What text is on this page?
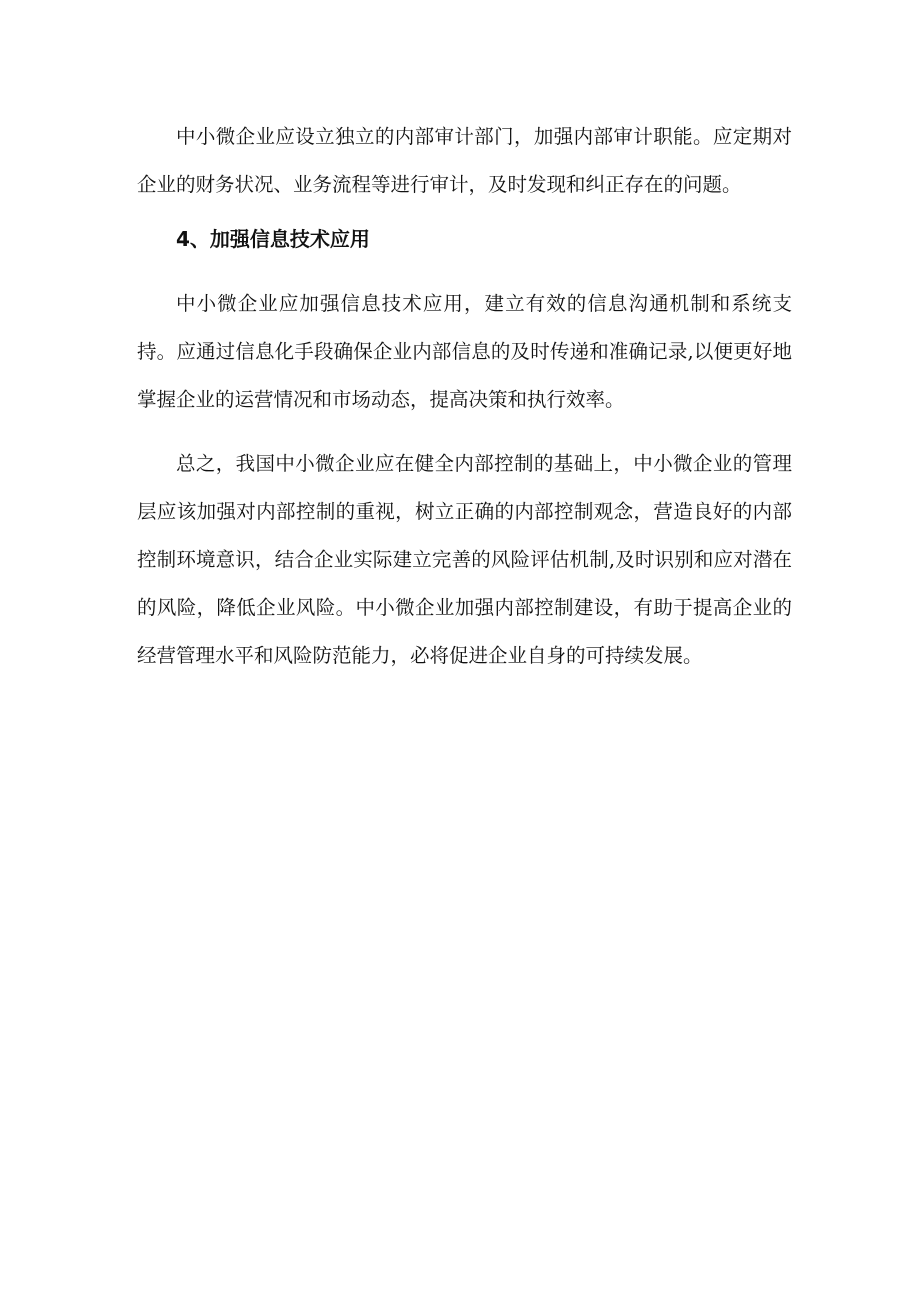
中小微企业应设立独立的内部审计部门，加强内部审计职能。应定期对企业的财务状况、业务流程等进行审计，及时发现和纠正存在的问题。

4、加强信息技术应用

中小微企业应加强信息技术应用，建立有效的信息沟通机制和系统支持。应通过信息化手段确保企业内部信息的及时传递和准确记录,以便更好地掌握企业的运营情况和市场动态，提高决策和执行效率。

总之，我国中小微企业应在健全内部控制的基础上，中小微企业的管理层应该加强对内部控制的重视，树立正确的内部控制观念，营造良好的内部控制环境意识，结合企业实际建立完善的风险评估机制,及时识别和应对潜在的风险，降低企业风险。中小微企业加强内部控制建设，有助于提高企业的经营管理水平和风险防范能力，必将促进企业自身的可持续发展。
